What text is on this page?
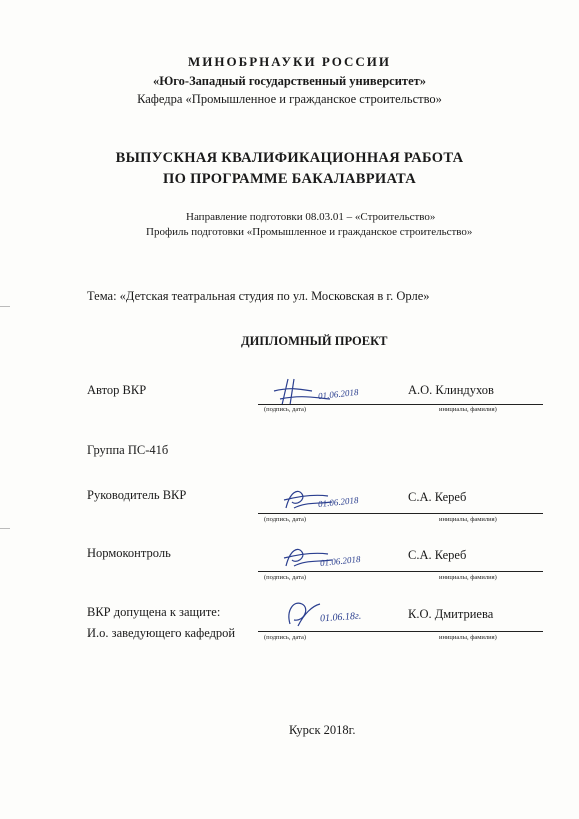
МИНОБРНАУКИ РОССИИ
«Юго-Западный государственный университет»
Кафедра «Промышленное и гражданское строительство»
ВЫПУСКНАЯ КВАЛИФИКАЦИОННАЯ РАБОТА
ПО ПРОГРАММЕ БАКАЛАВРИАТА
Направление подготовки 08.03.01 – «Строительство»
Профиль подготовки «Промышленное и гражданское строительство»
Тема: «Детская театральная студия по ул. Московская в г. Орле»
ДИПЛОМНЫЙ ПРОЕКТ
Автор ВКР	01.06.2018
(подпись, дата)
А.О. Клиндухов
инициалы, фамилия)
Группа ПС-41б
Руководитель ВКР	01.06.2018
(подпись, дата)
С.А. Кереб
инициалы, фамилия)
Нормоконтроль
01.06.2018
(подпись, дата)
С.А. Кереб
инициалы, фамилия)
ВКР допущена к защите:
И.о. заведующего кафедрой
01.06.18г.
(подпись, дата)
К.О. Дмитриева
инициалы, фамилия)
Курск 2018г.
